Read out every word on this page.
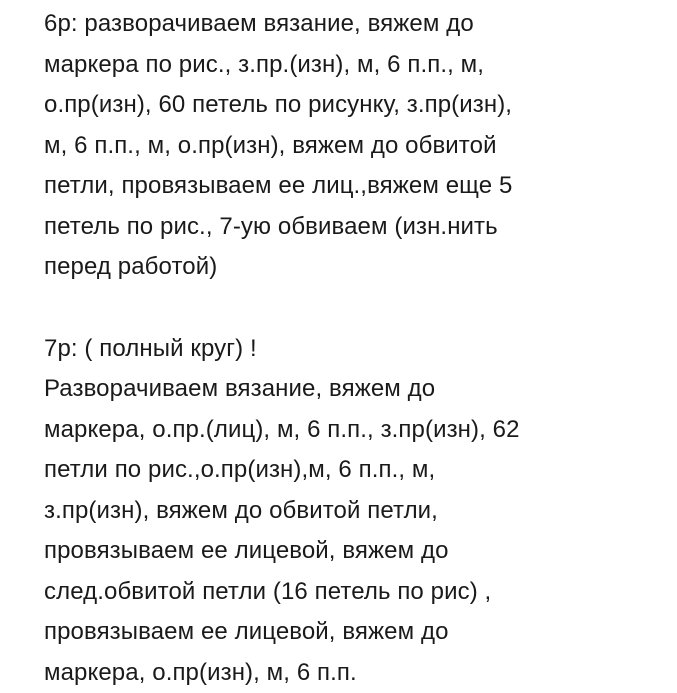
6р: разворачиваем вязание, вяжем до
маркера по рис., з.пр.(изн), м, 6 п.п., м,
о.пр(изн), 60 петель по рисунку, з.пр(изн),
м, 6 п.п., м, о.пр(изн), вяжем до обвитой
петли, провязываем ее лиц.,вяжем еще 5
петель по рис., 7-ую обвиваем (изн.нить
перед работой)
7р: ( полный круг) !
Разворачиваем вязание, вяжем до
маркера, о.пр.(лиц), м, 6 п.п., з.пр(изн), 62
петли по рис.,о.пр(изн),м, 6 п.п., м,
з.пр(изн), вяжем до обвитой петли,
провязываем ее лицевой, вяжем до
след.обвитой петли (16 петель по рис) ,
провязываем ее лицевой, вяжем до
маркера, о.пр(изн), м, 6 п.п.
